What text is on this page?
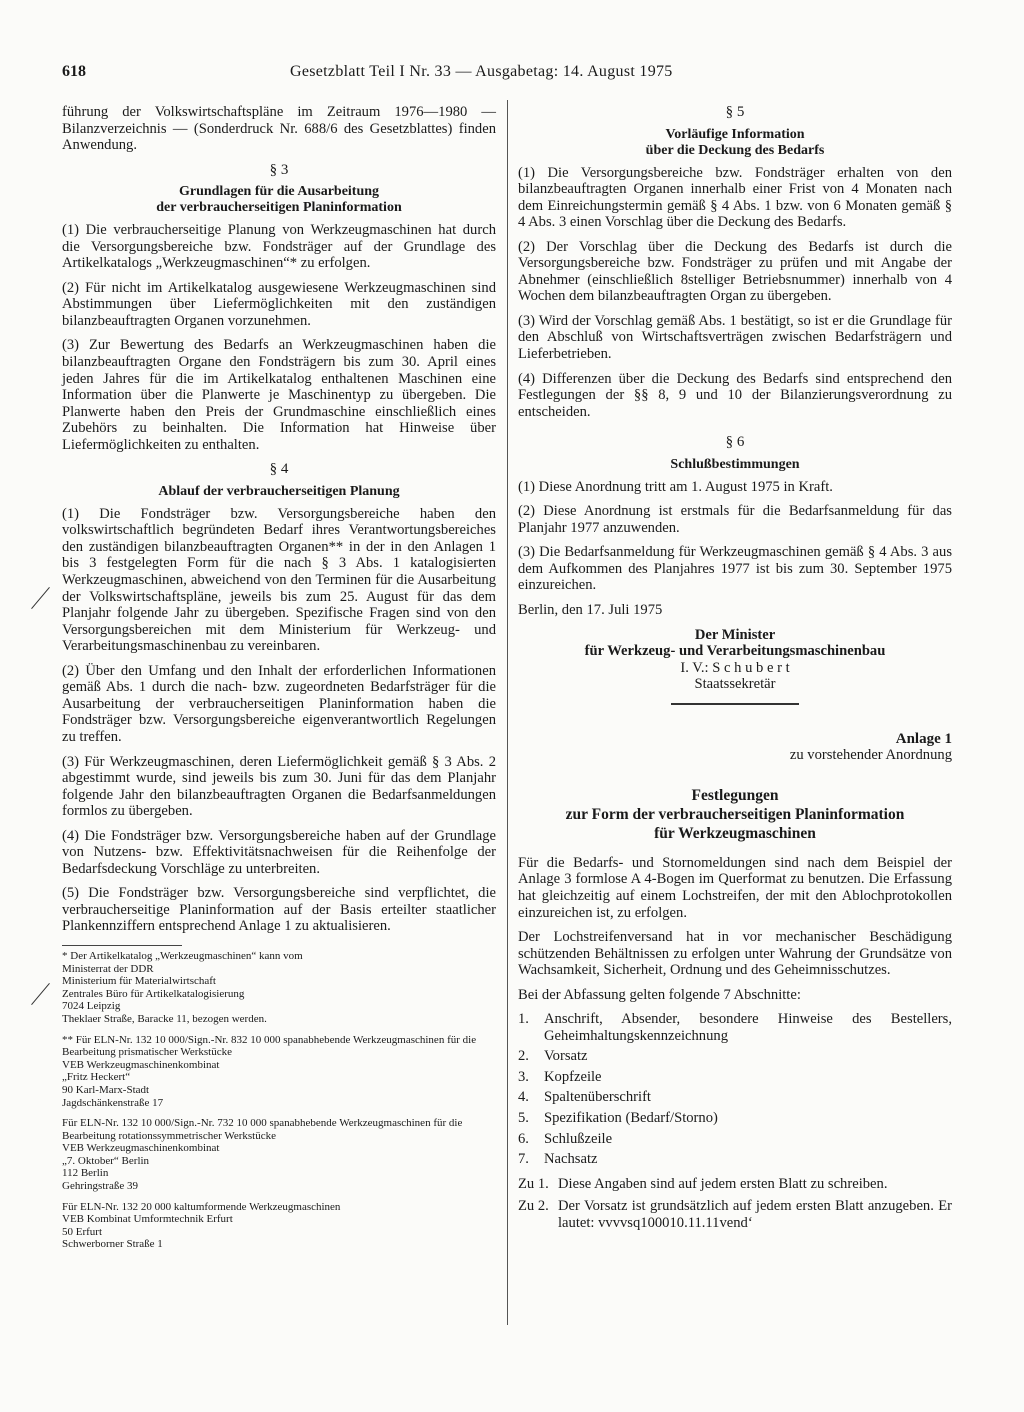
618	Gesetzblatt Teil I Nr. 33 — Ausgabetag: 14. August 1975

führung der Volkswirtschaftspläne im Zeitraum 1976—1980 — Bilanzverzeichnis — (Sonderdruck Nr. 688/6 des Gesetzblattes) finden Anwendung.

§ 3
Grundlagen für die Ausarbeitung
der verbraucherseitigen Planinformation

(1) Die verbraucherseitige Planung von Werkzeugmaschinen hat durch die Versorgungsbereiche bzw. Fondsträger auf der Grundlage des Artikelkatalogs „Werkzeugmaschinen“* zu erfolgen.

(2) Für nicht im Artikelkatalog ausgewiesene Werkzeugmaschinen sind Abstimmungen über Liefermöglichkeiten mit den zuständigen bilanzbeauftragten Organen vorzunehmen.

(3) Zur Bewertung des Bedarfs an Werkzeugmaschinen haben die bilanzbeauftragten Organe den Fondsträgern bis zum 30. April eines jeden Jahres für die im Artikelkatalog enthaltenen Maschinen eine Information über die Planwerte je Maschinentyp zu übergeben. Die Planwerte haben den Preis der Grundmaschine einschließlich eines Zubehörs zu beinhalten. Die Information hat Hinweise über Liefermöglichkeiten zu enthalten.

§ 4
Ablauf der verbraucherseitigen Planung

(1) Die Fondsträger bzw. Versorgungsbereiche haben den volkswirtschaftlich begründeten Bedarf ihres Verantwortungsbereiches den zuständigen bilanzbeauftragten Organen** in der in den Anlagen 1 bis 3 festgelegten Form für die nach § 3 Abs. 1 katalogisierten Werkzeugmaschinen, abweichend von den Terminen für die Ausarbeitung der Volkswirtschaftspläne, jeweils bis zum 25. August für das dem Planjahr folgende Jahr zu übergeben. Spezifische Fragen sind von den Versorgungsbereichen mit dem Ministerium für Werkzeug- und Verarbeitungsmaschinenbau zu vereinbaren.

(2) Über den Umfang und den Inhalt der erforderlichen Informationen gemäß Abs. 1 durch die nach- bzw. zugeordneten Bedarfsträger für die Ausarbeitung der verbraucherseitigen Planinformation haben die Fondsträger bzw. Versorgungsbereiche eigenverantwortlich Regelungen zu treffen.

(3) Für Werkzeugmaschinen, deren Liefermöglichkeit gemäß § 3 Abs. 2 abgestimmt wurde, sind jeweils bis zum 30. Juni für das dem Planjahr folgende Jahr den bilanzbeauftragten Organen die Bedarfsanmeldungen formlos zu übergeben.

(4) Die Fondsträger bzw. Versorgungsbereiche haben auf der Grundlage von Nutzens- bzw. Effektivitätsnachweisen für die Reihenfolge der Bedarfsdeckung Vorschläge zu unterbreiten.

(5) Die Fondsträger bzw. Versorgungsbereiche sind verpflichtet, die verbraucherseitige Planinformation auf der Basis erteilter staatlicher Plankennziffern entsprechend Anlage 1 zu aktualisieren.

* Der Artikelkatalog „Werkzeugmaschinen“ kann vom
Ministerrat der DDR
Ministerium für Materialwirtschaft
Zentrales Büro für Artikelkatalogisierung
7024 Leipzig
Theklaer Straße, Baracke 11, bezogen werden.

** Für ELN-Nr. 132 10 000/Sign.-Nr. 832 10 000 spanabhebende Werkzeugmaschinen für die Bearbeitung prismatischer Werkstücke
VEB Werkzeugmaschinenkombinat
„Fritz Heckert“
90 Karl-Marx-Stadt
Jagdschänkenstraße 17

Für ELN-Nr. 132 10 000/Sign.-Nr. 732 10 000 spanabhebende Werkzeugmaschinen für die Bearbeitung rotationssymmetrischer Werkstücke
VEB Werkzeugmaschinenkombinat
„7. Oktober“ Berlin
112 Berlin
Gehringstraße 39

Für ELN-Nr. 132 20 000 kaltumformende Werkzeugmaschinen
VEB Kombinat Umformtechnik Erfurt
50 Erfurt
Schwerborner Straße 1

§ 5
Vorläufige Information
über die Deckung des Bedarfs

(1) Die Versorgungsbereiche bzw. Fondsträger erhalten von den bilanzbeauftragten Organen innerhalb einer Frist von 4 Monaten nach dem Einreichungstermin gemäß § 4 Abs. 1 bzw. von 6 Monaten gemäß § 4 Abs. 3 einen Vorschlag über die Deckung des Bedarfs.

(2) Der Vorschlag über die Deckung des Bedarfs ist durch die Versorgungsbereiche bzw. Fondsträger zu prüfen und mit Angabe der Abnehmer (einschließlich 8stelliger Betriebsnummer) innerhalb von 4 Wochen dem bilanzbeauftragten Organ zu übergeben.

(3) Wird der Vorschlag gemäß Abs. 1 bestätigt, so ist er die Grundlage für den Abschluß von Wirtschaftsverträgen zwischen Bedarfsträgern und Lieferbetrieben.

(4) Differenzen über die Deckung des Bedarfs sind entsprechend den Festlegungen der §§ 8, 9 und 10 der Bilanzierungsverordnung zu entscheiden.

§ 6
Schlußbestimmungen

(1) Diese Anordnung tritt am 1. August 1975 in Kraft.

(2) Diese Anordnung ist erstmals für die Bedarfsanmeldung für das Planjahr 1977 anzuwenden.

(3) Die Bedarfsanmeldung für Werkzeugmaschinen gemäß § 4 Abs. 3 aus dem Aufkommen des Planjahres 1977 ist bis zum 30. September 1975 einzureichen.

Berlin, den 17. Juli 1975

Der Minister
für Werkzeug- und Verarbeitungsmaschinenbau
I. V.: S c h u b e r t
Staatssekretär
Anlage 1
zu vorstehender Anordnung
Festlegungen
zur Form der verbraucherseitigen Planinformation
für Werkzeugmaschinen

Für die Bedarfs- und Stornomeldungen sind nach dem Beispiel der Anlage 3 formlose A 4-Bogen im Querformat zu benutzen. Die Erfassung hat gleichzeitig auf einem Lochstreifen, der mit den Ablochprotokollen einzureichen ist, zu erfolgen.

Der Lochstreifenversand hat in vor mechanischer Beschädigung schützenden Behältnissen zu erfolgen unter Wahrung der Grundsätze von Wachsamkeit, Sicherheit, Ordnung und des Geheimnisschutzes.

Bei der Abfassung gelten folgende 7 Abschnitte:

1.	Anschrift, Absender, besondere Hinweise des Bestellers, Geheimhaltungskennzeichnung
2.	Vorsatz
3.	Kopfzeile
4.	Spaltenüberschrift
5.	Spezifikation (Bedarf/Storno)
6.	Schlußzeile
7.	Nachsatz
Zu 1. Diese Angaben sind auf jedem ersten Blatt zu schreiben.
Zu 2. Der Vorsatz ist grundsätzlich auf jedem ersten Blatt anzugeben. Er lautet: vvvvsq100010.11.11vend‘
